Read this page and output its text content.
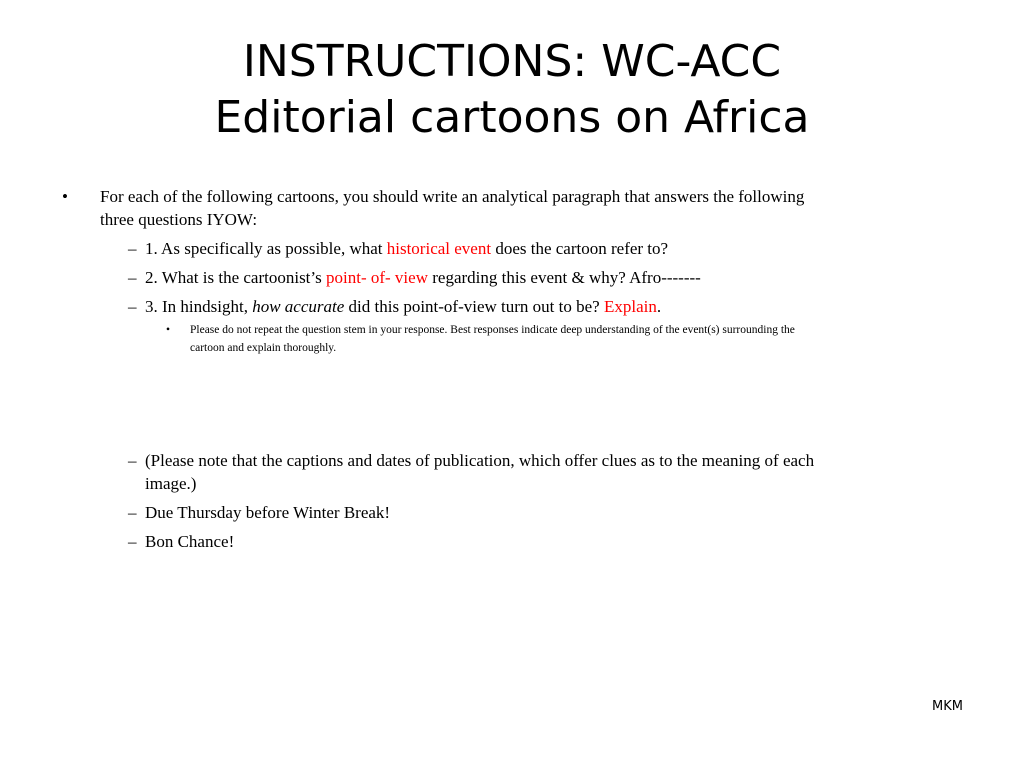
INSTRUCTIONS: WC-ACC
Editorial cartoons on Africa
• For each of the following cartoons, you should write an analytical paragraph that answers the following
three questions IYOW:
– 1. As specifically as possible, what historical event does the cartoon refer to?
– 2. What is the cartoonist’s point- of- view regarding this event & why? Afro-------
– 3. In hindsight, how accurate did this point-of-view turn out to be? Explain.
• Please do not repeat the question stem in your response. Best responses indicate deep understanding of the event(s) surrounding the
cartoon and explain thoroughly.
– (Please note that the captions and dates of publication, which offer clues as to the meaning of each
image.)
– Due Thursday before Winter Break!
– Bon Chance!
MKM
